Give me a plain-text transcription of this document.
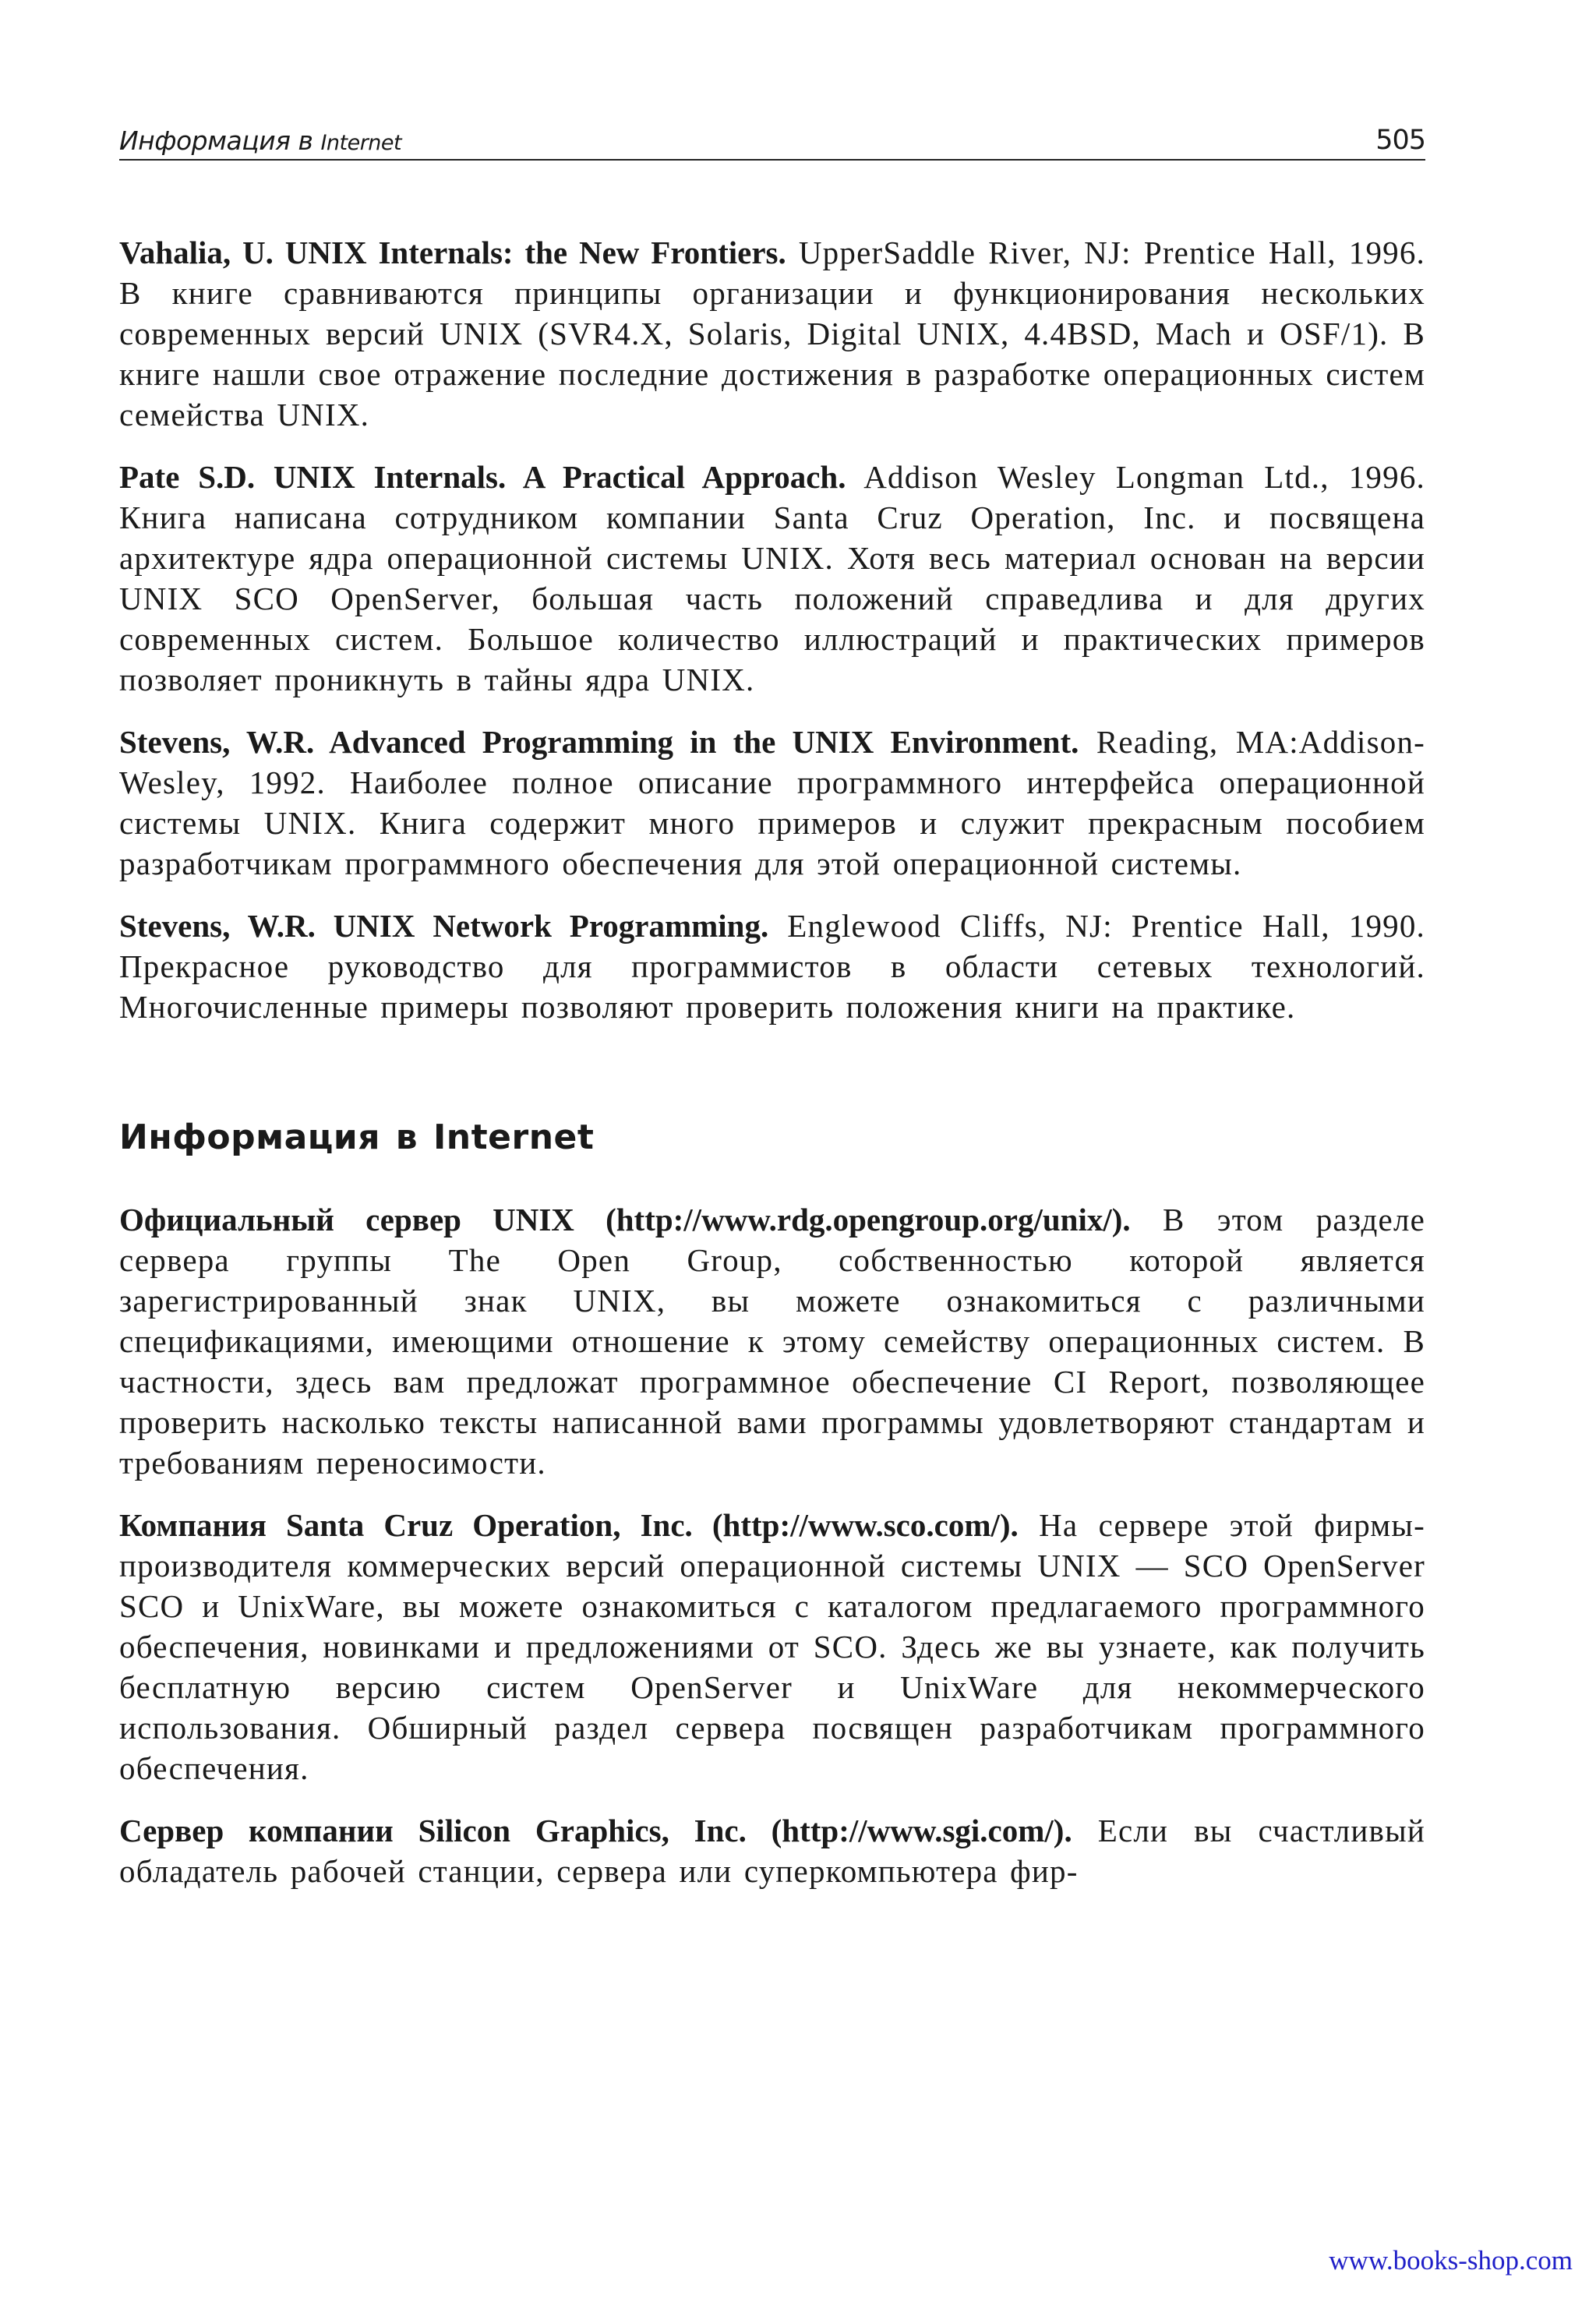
Информация в Internet	505

Vahalia, U. UNIX Internals: the New Frontiers. UpperSaddle River, NJ: Prentice Hall, 1996. В книге сравниваются принципы организации и функционирования нескольких современных версий UNIX (SVR4.X, Solaris, Digital UNIX, 4.4BSD, Mach и OSF/1). В книге нашли свое отражение последние достижения в разработке операционных систем семейства UNIX.

Pate S.D. UNIX Internals. A Practical Approach. Addison Wesley Longman Ltd., 1996. Книга написана сотрудником компании Santa Cruz Operation, Inc. и посвящена архитектуре ядра операционной системы UNIX. Хотя весь материал основан на версии UNIX SCO OpenServer, большая часть положений справедлива и для других современных систем. Большое количество иллюстраций и практических примеров позволяет проникнуть в тайны ядра UNIX.

Stevens, W.R. Advanced Programming in the UNIX Environment. Reading, MA:Addison-Wesley, 1992. Наиболее полное описание программного интерфейса операционной системы UNIX. Книга содержит много примеров и служит прекрасным пособием разработчикам программного обеспечения для этой операционной системы.

Stevens, W.R. UNIX Network Programming. Englewood Cliffs, NJ: Prentice Hall, 1990. Прекрасное руководство для программистов в области сетевых технологий. Многочисленные примеры позволяют проверить положения книги на практике.

Информация в Internet

Официальный сервер UNIX (http://www.rdg.opengroup.org/unix/). В этом разделе сервера группы The Open Group, собственностью которой является зарегистрированный знак UNIX, вы можете ознакомиться с различными спецификациями, имеющими отношение к этому семейству операционных систем. В частности, здесь вам предложат программное обеспечение CI Report, позволяющее проверить насколько тексты написанной вами программы удовлетворяют стандартам и требованиям переносимости.

Компания Santa Cruz Operation, Inc. (http://www.sco.com/). На сервере этой фирмы-производителя коммерческих версий операционной системы UNIX — SCO OpenServer SCO и UnixWare, вы можете ознакомиться с каталогом предлагаемого программного обеспечения, новинками и предложениями от SCO. Здесь же вы узнаете, как получить бесплатную версию систем OpenServer и UnixWare для некоммерческого использования. Обширный раздел сервера посвящен разработчикам программного обеспечения.

Сервер компании Silicon Graphics, Inc. (http://www.sgi.com/). Если вы счастливый обладатель рабочей станции, сервера или суперкомпьютера фир-

www.books-shop.com
